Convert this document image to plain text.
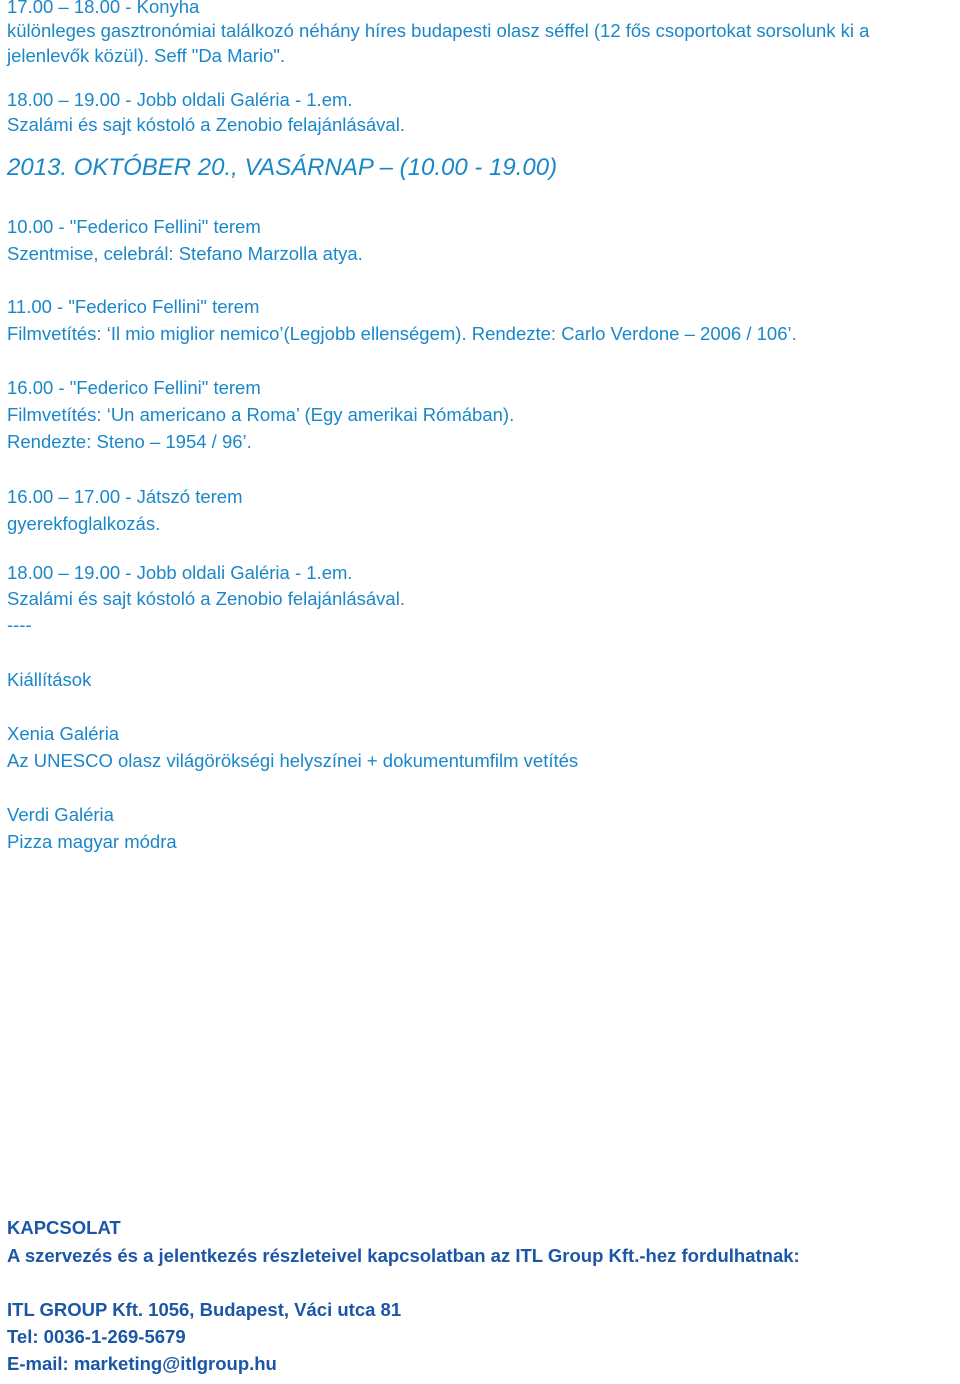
17.00 – 18.00 - Konyha
különleges gasztronómiai találkozó néhány híres budapesti olasz séffel (12 fős csoportokat sorsolunk ki a
jelenlevők közül). Seff "Da Mario".
18.00 – 19.00 - Jobb oldali Galéria - 1.em.
Szalámi és sajt kóstoló a Zenobio felajánlásával.
2013. OKTÓBER 20., VASÁRNAP – (10.00 - 19.00)
10.00 - "Federico Fellini" terem
Szentmise, celebrál: Stefano Marzolla atya.
11.00 - "Federico Fellini" terem
Filmvetítés: ‘Il mio miglior nemico’(Legjobb ellenségem). Rendezte: Carlo Verdone – 2006 / 106’.
16.00 - "Federico Fellini" terem
Filmvetítés: ‘Un americano a Roma’ (Egy amerikai Rómában).
Rendezte: Steno – 1954 / 96’.
16.00 – 17.00 - Játszó terem
gyerekfoglalkozás.
18.00 – 19.00 - Jobb oldali Galéria - 1.em.
Szalámi és sajt kóstoló a Zenobio felajánlásával.
----
Kiállítások
Xenia Galéria
Az UNESCO olasz világörökségi helyszínei + dokumentumfilm vetítés
Verdi Galéria
Pizza magyar módra
KAPCSOLAT
A szervezés és a jelentkezés részleteivel kapcsolatban az ITL Group Kft.-hez fordulhatnak:
ITL GROUP Kft. 1056, Budapest, Váci utca 81
Tel: 0036-1-269-5679
E-mail: marketing@itlgroup.hu
